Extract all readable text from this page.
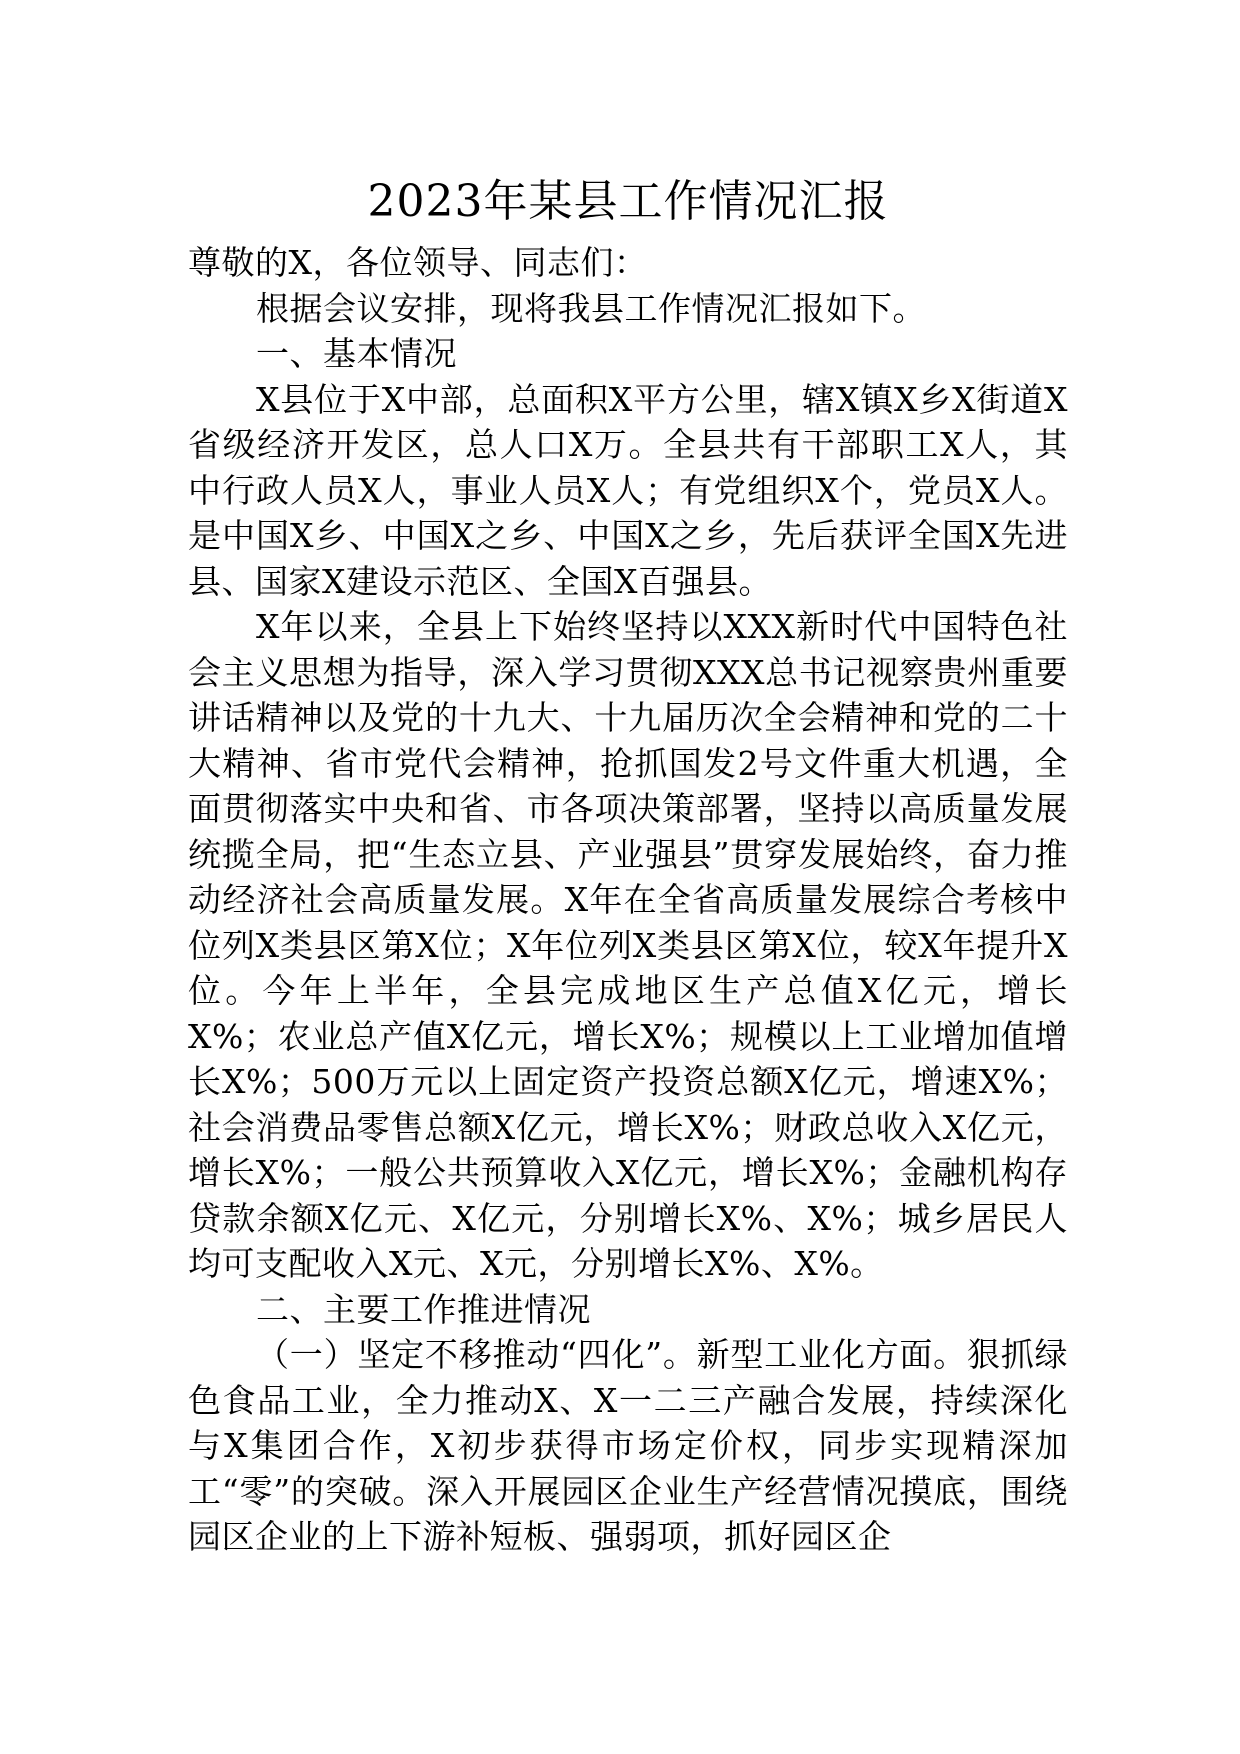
2023年某县工作情况汇报

尊敬的X，各位领导、同志们：

根据会议安排，现将我县工作情况汇报如下。

一、基本情况

X县位于X中部，总面积X平方公里，辖X镇X乡X街道X省级经济开发区，总人口X万。全县共有干部职工X人，其中行政人员X人，事业人员X人；有党组织X个，党员X人。是中国X乡、中国X之乡、中国X之乡，先后获评全国X先进县、国家X建设示范区、全国X百强县。

X年以来，全县上下始终坚持以XXX新时代中国特色社会主义思想为指导，深入学习贯彻XXX总书记视察贵州重要讲话精神以及党的十九大、十九届历次全会精神和党的二十大精神、省市党代会精神，抢抓国发2号文件重大机遇，全面贯彻落实中央和省、市各项决策部署，坚持以高质量发展统揽全局，把“生态立县、产业强县”贯穿发展始终，奋力推动经济社会高质量发展。X年在全省高质量发展综合考核中位列X类县区第X位；X年位列X类县区第X位，较X年提升X位。今年上半年，全县完成地区生产总值X亿元，增长X%；农业总产值X亿元，增长X%；规模以上工业增加值增长X%；500万元以上固定资产投资总额X亿元，增速X%；社会消费品零售总额X亿元，增长X%；财政总收入X亿元，增长X%；一般公共预算收入X亿元，增长X%；金融机构存贷款余额X亿元、X亿元，分别增长X%、X%；城乡居民人均可支配收入X元、X元，分别增长X%、X%。

二、主要工作推进情况

（一）坚定不移推动“四化”。新型工业化方面。狠抓绿色食品工业，全力推动X、X一二三产融合发展，持续深化与X集团合作，X初步获得市场定价权，同步实现精深加工“零”的突破。深入开展园区企业生产经营情况摸底，围绕园区企业的上下游补短板、强弱项，抓好园区企
